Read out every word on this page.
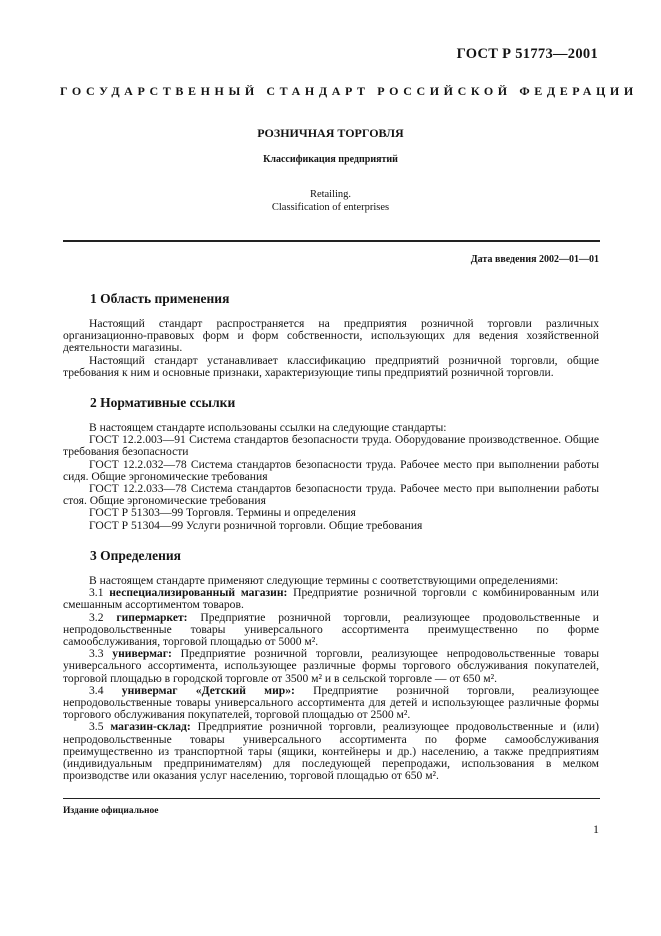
ГОСТ Р 51773—2001
ГОСУДАРСТВЕННЫЙ СТАНДАРТ РОССИЙСКОЙ ФЕДЕРАЦИИ
РОЗНИЧНАЯ ТОРГОВЛЯ
Классификация предприятий
Retailing.
Classification of enterprises
Дата введения 2002—01—01
1 Область применения

Настоящий стандарт распространяется на предприятия розничной торговли различных организационно-правовых форм и форм собственности, использующих для ведения хозяйственной деятельности магазины.

Настоящий стандарт устанавливает классификацию предприятий розничной торговли, общие требования к ним и основные признаки, характеризующие типы предприятий розничной торговли.

2 Нормативные ссылки

В настоящем стандарте использованы ссылки на следующие стандарты:

ГОСТ 12.2.003—91 Система стандартов безопасности труда. Оборудование производственное. Общие требования безопасности

ГОСТ 12.2.032—78 Система стандартов безопасности труда. Рабочее место при выполнении работы сидя. Общие эргономические требования

ГОСТ 12.2.033—78 Система стандартов безопасности труда. Рабочее место при выполнении работы стоя. Общие эргономические требования

ГОСТ Р 51303—99 Торговля. Термины и определения

ГОСТ Р 51304—99 Услуги розничной торговли. Общие требования

3 Определения

В настоящем стандарте применяют следующие термины с соответствующими определениями:

3.1 неспециализированный магазин: Предприятие розничной торговли с комбинированным или смешанным ассортиментом товаров.

3.2 гипермаркет: Предприятие розничной торговли, реализующее продовольственные и непродовольственные товары универсального ассортимента преимущественно по форме самообслуживания, торговой площадью от 5000 м².

3.3 универмаг: Предприятие розничной торговли, реализующее непродовольственные товары универсального ассортимента, использующее различные формы торгового обслуживания покупателей, торговой площадью в городской торговле от 3500 м² и в сельской торговле — от 650 м².

3.4 универмаг «Детский мир»: Предприятие розничной торговли, реализующее непродовольственные товары универсального ассортимента для детей и использующее различные формы торгового обслуживания покупателей, торговой площадью от 2500 м².

3.5 магазин-склад: Предприятие розничной торговли, реализующее продовольственные и (или) непродовольственные товары универсального ассортимента по форме самообслуживания преимущественно из транспортной тары (ящики, контейнеры и др.) населению, а также предприятиям (индивидуальным предпринимателям) для последующей перепродажи, использования в мелком производстве или оказания услуг населению, торговой площадью от 650 м².

Издание официальное
1
